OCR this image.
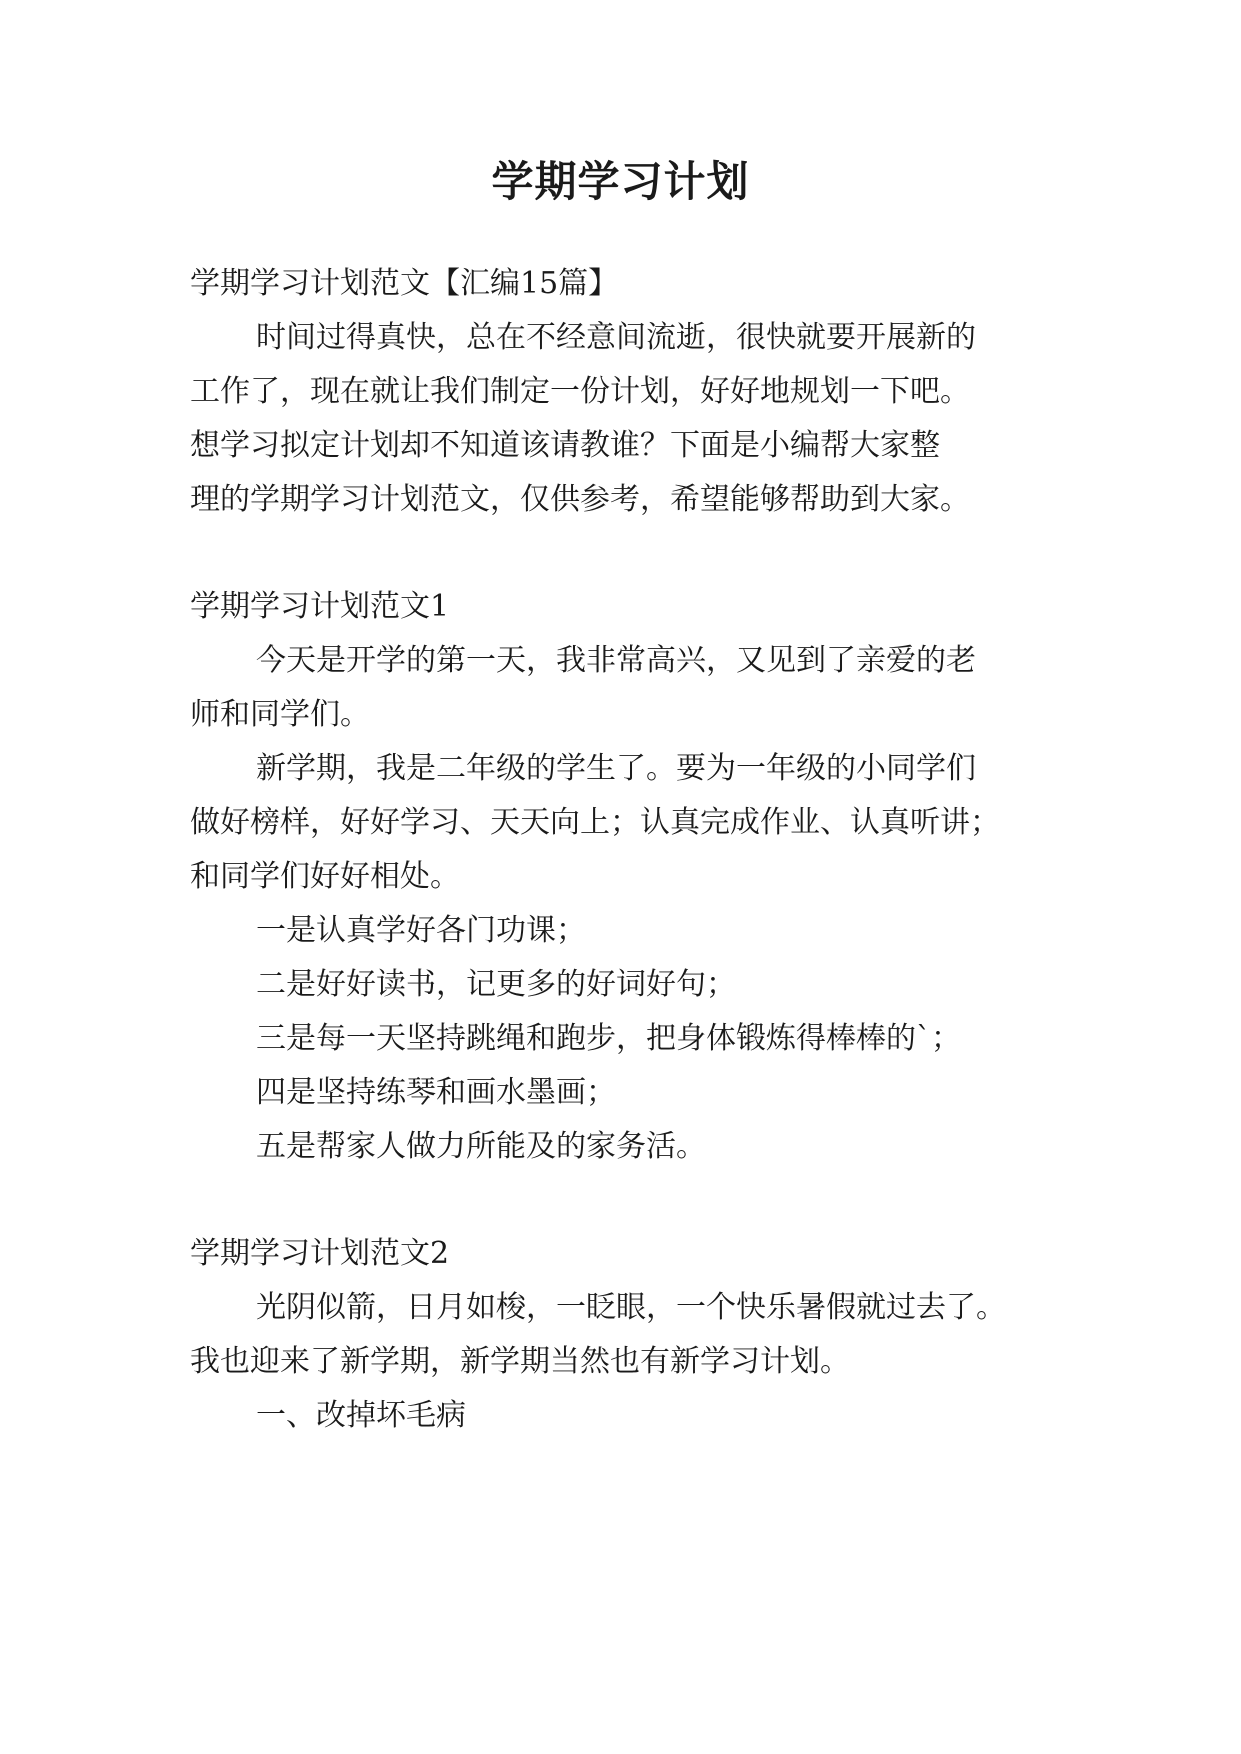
学期学习计划
学期学习计划范文【汇编15篇】
时间过得真快，总在不经意间流逝，很快就要开展新的
工作了，现在就让我们制定一份计划，好好地规划一下吧。
想学习拟定计划却不知道该请教谁？下面是小编帮大家整
理的学期学习计划范文，仅供参考，希望能够帮助到大家。
学期学习计划范文1
今天是开学的第一天，我非常高兴，又见到了亲爱的老
师和同学们。
新学期，我是二年级的学生了。要为一年级的小同学们
做好榜样，好好学习、天天向上；认真完成作业、认真听讲；
和同学们好好相处。
一是认真学好各门功课；
二是好好读书，记更多的好词好句；
三是每一天坚持跳绳和跑步，把身体锻炼得棒棒的`；
四是坚持练琴和画水墨画；
五是帮家人做力所能及的家务活。
学期学习计划范文2
光阴似箭，日月如梭，一眨眼，一个快乐暑假就过去了。
我也迎来了新学期，新学期当然也有新学习计划。
一、改掉坏毛病
